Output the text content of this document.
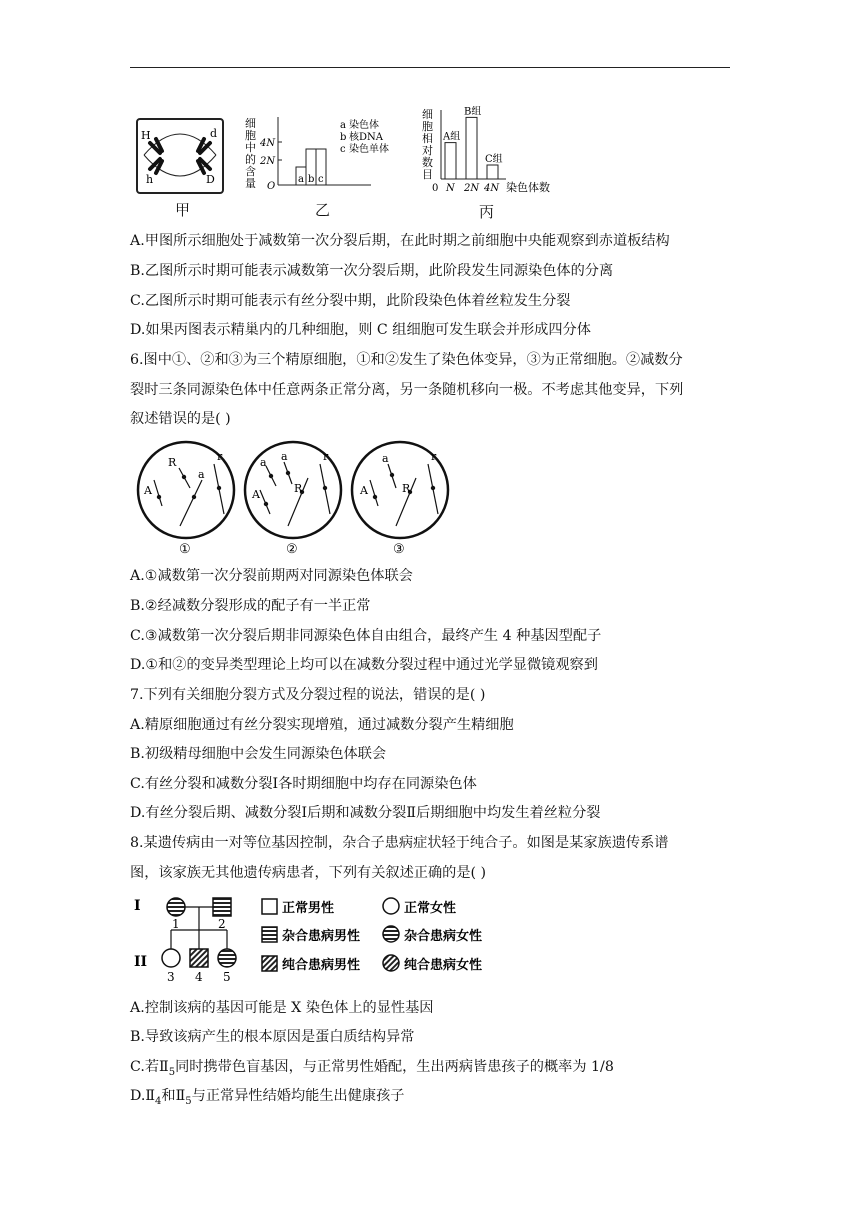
H	d
h	D
甲
细
胞
中
的
含
量
4N
2N
O
a b c
a 染色体
b 核DNA
c 染色单体
乙
细
胞
相
对
数
目
0 N 2N 4N 染色体数
A组
B组
C组
丙
A.甲图所示细胞处于减数第一次分裂后期，在此时期之前细胞中央能观察到赤道板结构
B.乙图所示时期可能表示减数第一次分裂后期，此阶段发生同源染色体的分离
C.乙图所示时期可能表示有丝分裂中期，此阶段染色体着丝粒发生分裂
D.如果丙图表示精巢内的几种细胞，则 C 组细胞可发生联会并形成四分体
6.图中①、②和③为三个精原细胞，①和②发生了染色体变异，③为正常细胞。②减数分
裂时三条同源染色体中任意两条正常分离，另一条随机移向一极。不考虑其他变异，下列
叙述错误的是( )
R
A
a
r	a a
A	R
r	a
A	R
r
①	②	③
A.①减数第一次分裂前期两对同源染色体联会
B.②经减数分裂形成的配子有一半正常
C.③减数第一次分裂后期非同源染色体自由组合，最终产生 4 种基因型配子
D.①和②的变异类型理论上均可以在减数分裂过程中通过光学显微镜观察到
7.下列有关细胞分裂方式及分裂过程的说法，错误的是( )
A.精原细胞通过有丝分裂实现增殖，通过减数分裂产生精细胞
B.初级精母细胞中会发生同源染色体联会
C.有丝分裂和减数分裂Ⅰ各时期细胞中均存在同源染色体
D.有丝分裂后期、减数分裂Ⅰ后期和减数分裂Ⅱ后期细胞中均发生着丝粒分裂
8.某遗传病由一对等位基因控制，杂合子患病症状轻于纯合子。如图是某家族遗传系谱
图，该家族无其他遗传病患者，下列有关叙述正确的是( )
I
II
1	2
3 4 5
正常男性	正常女性
杂合患病男性	杂合患病女性
纯合患病男性	纯合患病女性
A.控制该病的基因可能是 X 染色体上的显性基因
B.导致该病产生的根本原因是蛋白质结构异常
C.若$Ⅱ_5$同时携带色盲基因，与正常男性婚配，生出两病皆患孩子的概率为 1/8
$D.Ⅱ_4$和$Ⅱ_5$与正常异性结婚均能生出健康孩子
